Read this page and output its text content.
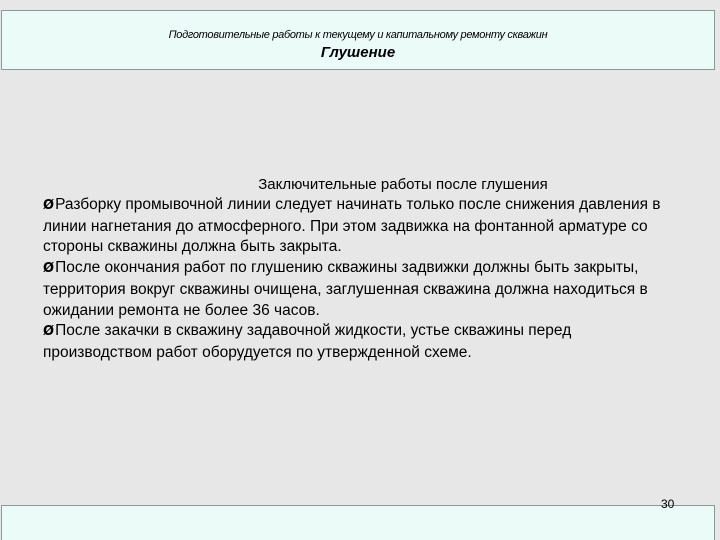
Подготовительные работы к текущему и капитальному ремонту скважин
Глушение
Заключительные работы после глушения

ØРазборку промывочной линии следует начинать только после снижения давления в линии нагнетания до атмосферного. При этом задвижка на фонтанной арматуре со стороны скважины должна быть закрыта.

ØПосле окончания работ по глушению скважины задвижки должны быть закрыты, территория вокруг скважины очищена, заглушенная скважина должна находиться в ожидании ремонта не более 36 часов.

ØПосле закачки в скважину задавочной жидкости, устье скважины перед производством работ оборудуется по утвержденной схеме.

30
